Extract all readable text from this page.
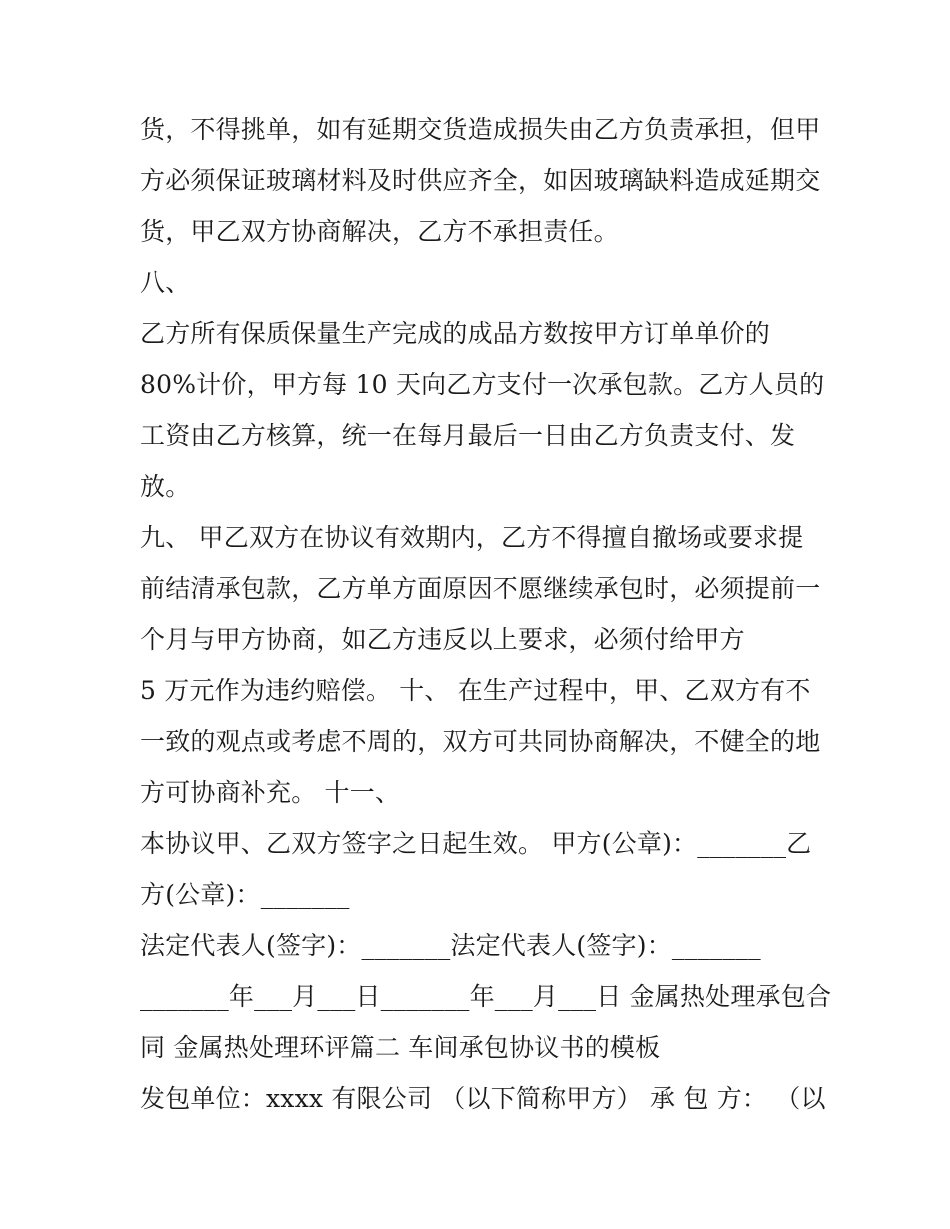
货，不得挑单，如有延期交货造成损失由乙方负责承担，但甲
方必须保证玻璃材料及时供应齐全，如因玻璃缺料造成延期交
货，甲乙双方协商解决，乙方不承担责任。
八、
乙方所有保质保量生产完成的成品方数按甲方订单单价的
80%计价，甲方每 10 天向乙方支付一次承包款。乙方人员的
工资由乙方核算，统一在每月最后一日由乙方负责支付、发
放。
九、 甲乙双方在协议有效期内，乙方不得擅自撤场或要求提
前结清承包款，乙方单方面原因不愿继续承包时，必须提前一
个月与甲方协商，如乙方违反以上要求，必须付给甲方
5 万元作为违约赔偿。 十、 在生产过程中，甲、乙双方有不
一致的观点或考虑不周的，双方可共同协商解决，不健全的地
方可协商补充。 十一、
本协议甲、乙双方签字之日起生效。 甲方(公章)：_______乙
方(公章)：_______
法定代表人(签字)：_______法定代表人(签字)：_______
_______年___月___日_______年___月___日 金属热处理承包合
同 金属热处理环评篇二 车间承包协议书的模板
发包单位：xxxx 有限公司 （以下简称甲方） 承 包 方： （以
